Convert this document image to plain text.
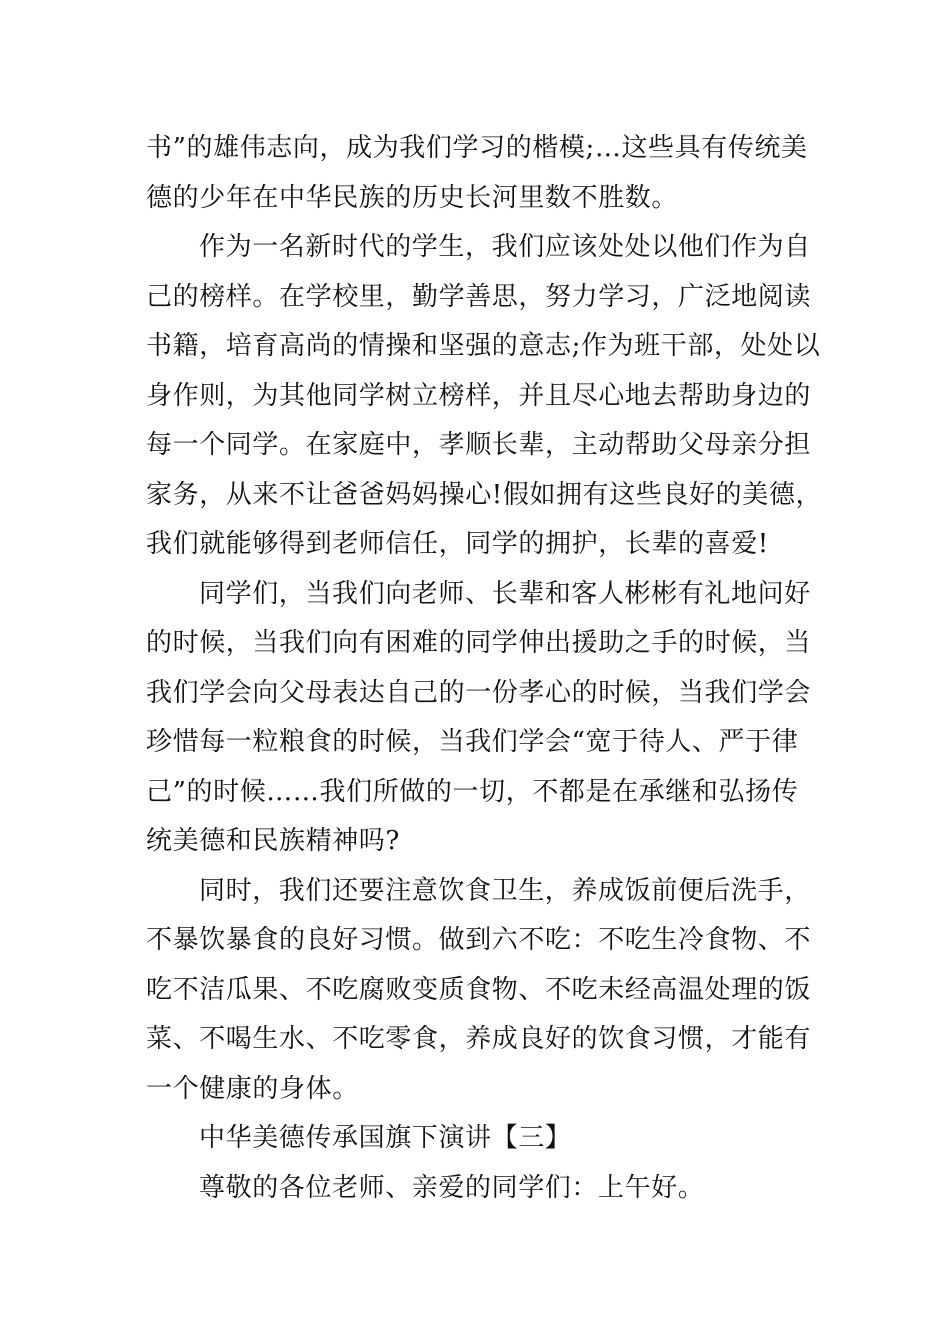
书”的雄伟志向，成为我们学习的楷模;…这些具有传统美
德的少年在中华民族的历史长河里数不胜数。
作为一名新时代的学生，我们应该处处以他们作为自
己的榜样。在学校里，勤学善思，努力学习，广泛地阅读
书籍，培育高尚的情操和坚强的意志;作为班干部，处处以
身作则，为其他同学树立榜样，并且尽心地去帮助身边的
每一个同学。在家庭中，孝顺长辈，主动帮助父母亲分担
家务，从来不让爸爸妈妈操心!假如拥有这些良好的美德，
我们就能够得到老师信任，同学的拥护，长辈的喜爱!
同学们，当我们向老师、长辈和客人彬彬有礼地问好
的时候，当我们向有困难的同学伸出援助之手的时候，当
我们学会向父母表达自己的一份孝心的时候，当我们学会
珍惜每一粒粮食的时候，当我们学会“宽于待人、严于律
己”的时候……我们所做的一切，不都是在承继和弘扬传
统美德和民族精神吗?
同时，我们还要注意饮食卫生，养成饭前便后洗手，
不暴饮暴食的良好习惯。做到六不吃：不吃生冷食物、不
吃不洁瓜果、不吃腐败变质食物、不吃未经高温处理的饭
菜、不喝生水、不吃零食，养成良好的饮食习惯，才能有
一个健康的身体。
中华美德传承国旗下演讲【三】
尊敬的各位老师、亲爱的同学们：上午好。
